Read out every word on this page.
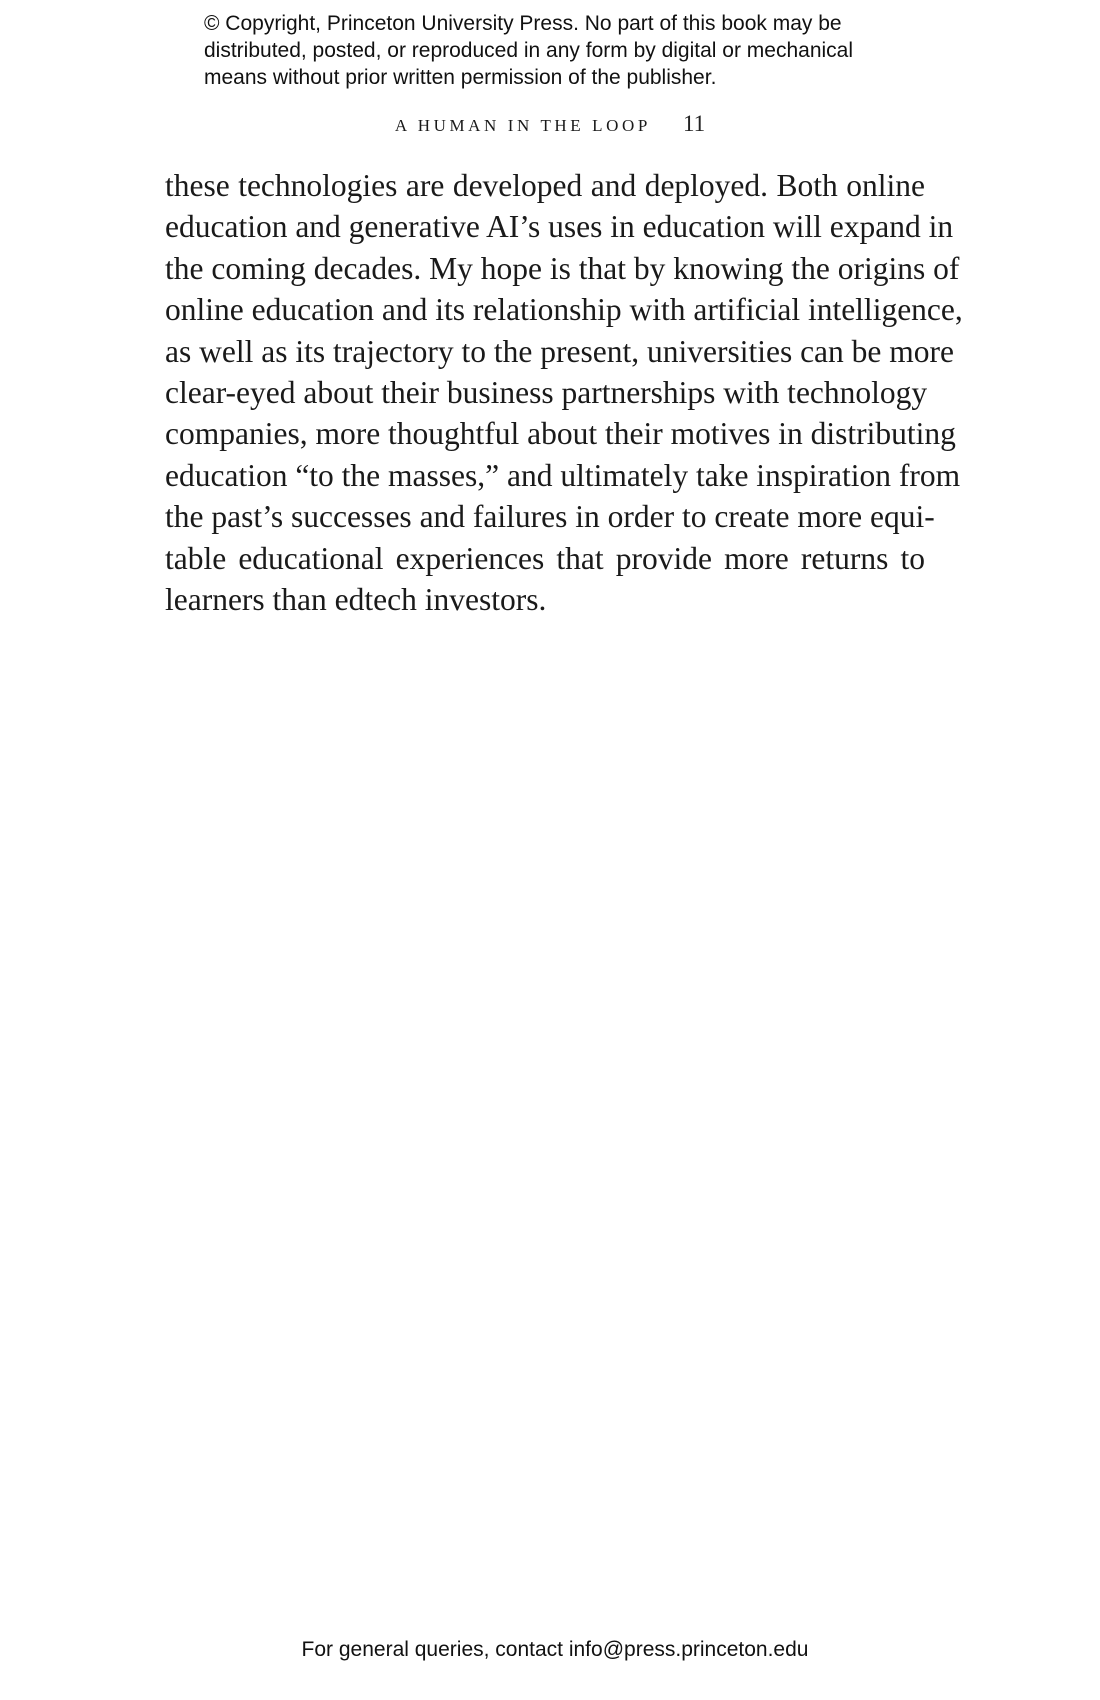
© Copyright, Princeton University Press. No part of this book may be
distributed, posted, or reproduced in any form by digital or mechanical
means without prior written permission of the publisher.
A HUMAN IN THE LOOP 11
these technologies are developed and deployed. Both online
education and generative AI’s uses in education will expand in
the coming decades. My hope is that by knowing the origins of
online education and its relationship with artificial intelligence,
as well as its trajectory to the present, universities can be more
clear-eyed about their business partnerships with technology
companies, more thoughtful about their motives in distributing
education “to the masses,” and ultimately take inspiration from
the past’s successes and failures in order to create more equi-
table educational experiences that provide more returns to
learners than edtech investors.
For general queries, contact info@press.princeton.edu
